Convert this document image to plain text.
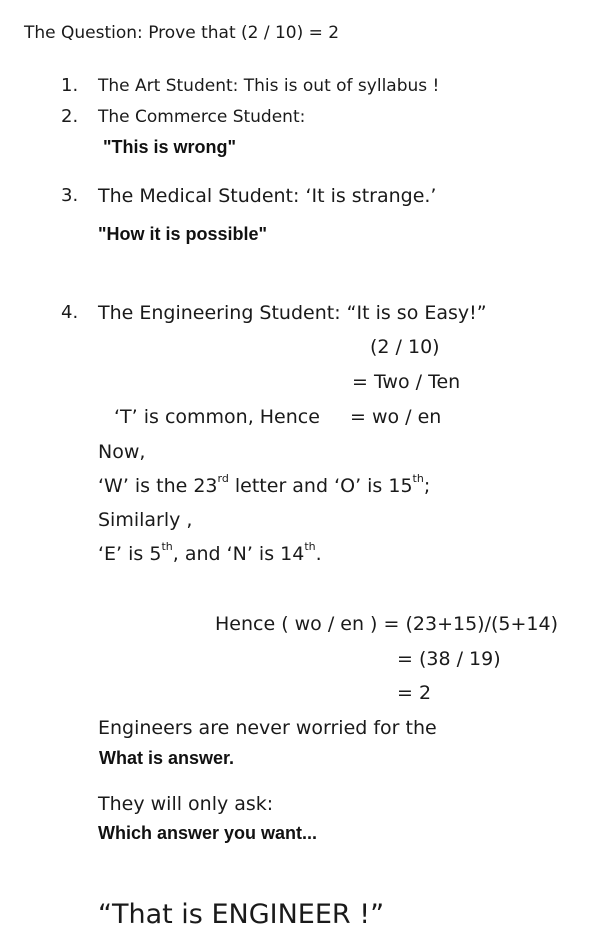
The Question: Prove that (2 / 10) = 2
1. The Art Student: This is out of syllabus !
2. The Commerce Student:
"This is wrong"
3. The Medical Student: ‘It is strange.’
"How it is possible"
4. The Engineering Student: “It is so Easy!”
(2 / 10)
= Two / Ten
‘T’ is common, Hence = wo / en
Now,
‘W’ is the 23rd letter and ‘O’ is 15th;
Similarly ,
‘E’ is 5th, and ‘N’ is 14th.
Hence ( wo / en ) = (23+15)/(5+14)
= (38 / 19)
= 2
Engineers are never worried for the
What is answer.
They will only ask:
Which answer you want...
“That is ENGINEER !”
